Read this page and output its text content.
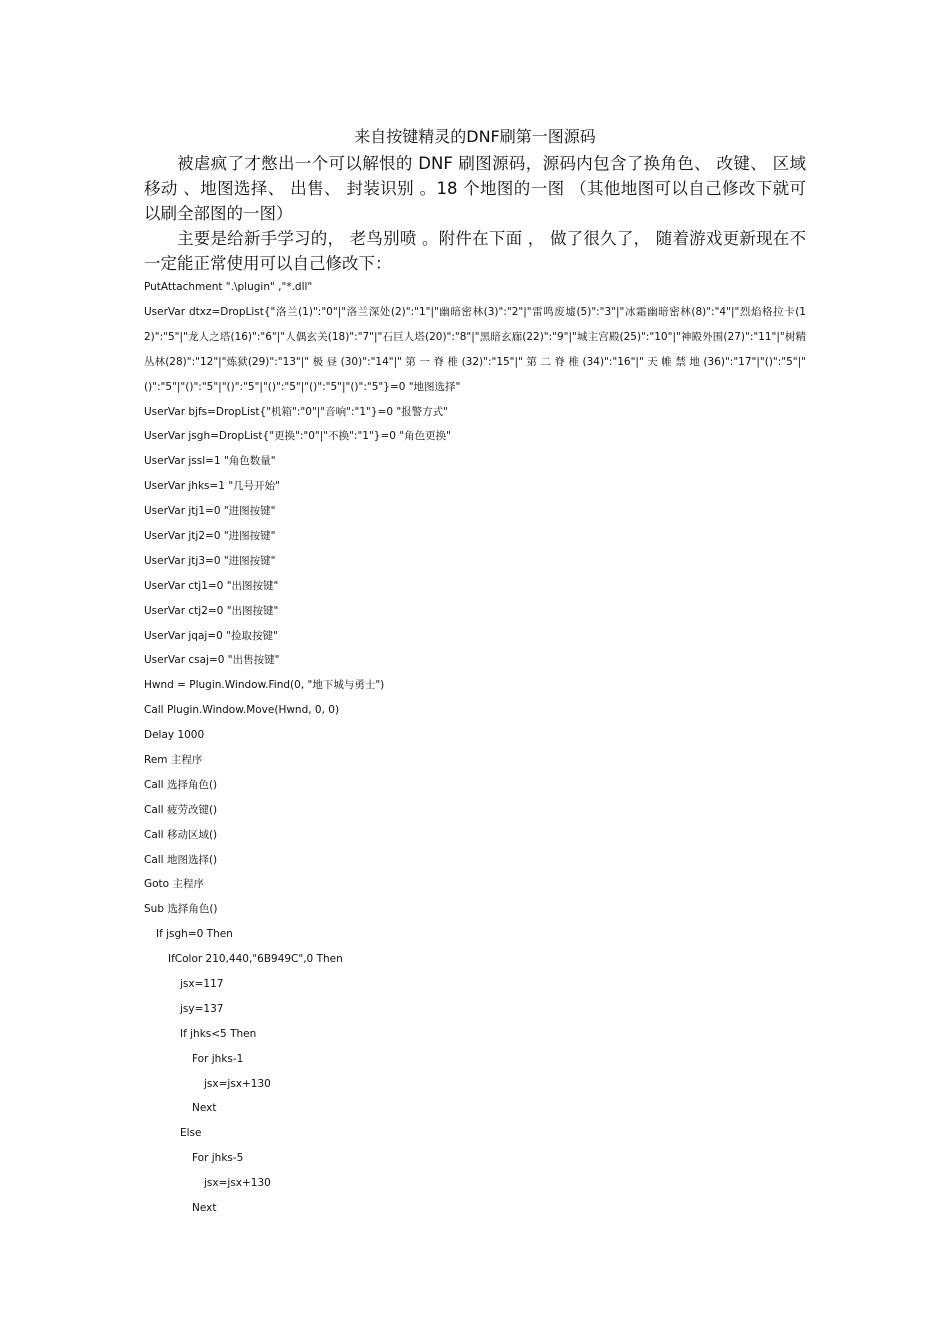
来自按键精灵的DNF刷第一图源码

被虐疯了才憋出一个可以解恨的 DNF 刷图源码，源码内包含了换角色、 改键、 区域移动 、地图选择、 出售、 封装识别 。18 个地图的一图 （其他地图可以自己修改下就可以刷全部图的一图）

主要是给新手学习的， 老鸟别喷 。附件在下面 ， 做了很久了， 随着游戏更新现在不一定能正常使用可以自己修改下：

PutAttachment ".\plugin" ,"*.dll"
UserVar dtxz=DropList{"洛兰(1)":"0"|"洛兰深处(2)":"1"|"幽暗密林(3)":"2"|"雷鸣废墟(5)":"3"|"冰霜幽暗密林(8)":"4"|"烈焰格拉卡(12)":"5"|"龙人之塔(16)":"6"|"人偶玄关(18)":"7"|"石巨人塔(20)":"8"|"黑暗玄廊(22)":"9"|"城主宫殿(25)":"10"|"神殿外围(27)":"11"|"树精丛林(28)":"12"|"炼狱(29)":"13"|" 极 昼 (30)":"14"|" 第 一 脊 椎 (32)":"15"|" 第 二 脊 椎 (34)":"16"|" 天 帷 禁 地 (36)":"17"|"()":"5"|"()":"5"|"()":"5"|"()":"5"|"()":"5"|"()":"5"|"()":"5"}=0 "地图选择"
UserVar bjfs=DropList{"机箱":"0"|"音响":"1"}=0 "报警方式"
UserVar jsgh=DropList{"更换":"0"|"不换":"1"}=0 "角色更换"
UserVar jssl=1 "角色数量"
UserVar jhks=1 "几号开始"
UserVar jtj1=0 "进图按键"
UserVar jtj2=0 "进图按键"
UserVar jtj3=0 "进图按键"
UserVar ctj1=0 "出图按键"
UserVar ctj2=0 "出图按键"
UserVar jqaj=0 "捡取按键"
UserVar csaj=0 "出售按键"
Hwnd = Plugin.Window.Find(0, "地下城与勇士")
Call Plugin.Window.Move(Hwnd, 0, 0)
Delay 1000
Rem 主程序
Call 选择角色()
Call 疲劳改键()
Call 移动区域()
Call 地图选择()
Goto 主程序
Sub 选择角色()
If jsgh=0 Then
IfColor 210,440,"6B949C",0 Then
jsx=117
jsy=137
If jhks<5 Then
For jhks-1
jsx=jsx+130
Next
Else
For jhks-5
jsx=jsx+130
Next
